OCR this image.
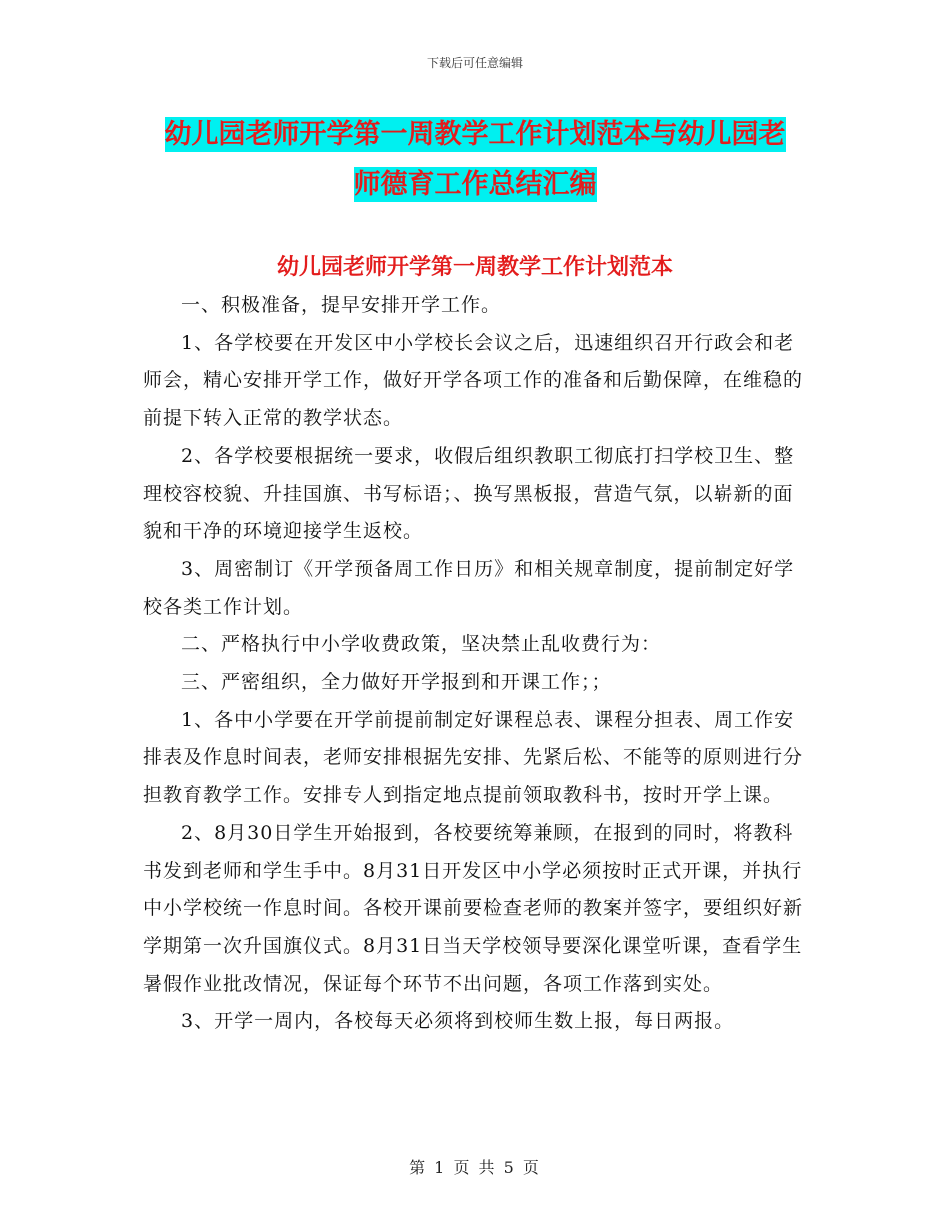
下载后可任意编辑
幼儿园老师开学第一周教学工作计划范本与幼儿园老
师德育工作总结汇编
幼儿园老师开学第一周教学工作计划范本

一、积极准备，提早安排开学工作。

1、各学校要在开发区中小学校长会议之后，迅速组织召开行政会和老师会，精心安排开学工作，做好开学各项工作的准备和后勤保障，在维稳的前提下转入正常的教学状态。

2、各学校要根据统一要求，收假后组织教职工彻底打扫学校卫生、整理校容校貌、升挂国旗、书写标语；、换写黑板报，营造气氛，以崭新的面貌和干净的环境迎接学生返校。

3、周密制订《开学预备周工作日历》和相关规章制度，提前制定好学校各类工作计划。

二、严格执行中小学收费政策，坚决禁止乱收费行为：

三、严密组织，全力做好开学报到和开课工作；；

1、各中小学要在开学前提前制定好课程总表、课程分担表、周工作安排表及作息时间表，老师安排根据先安排、先紧后松、不能等的原则进行分担教育教学工作。安排专人到指定地点提前领取教科书，按时开学上课。

2、8月30日学生开始报到，各校要统筹兼顾，在报到的同时，将教科书发到老师和学生手中。8月31日开发区中小学必须按时正式开课，并执行中小学校统一作息时间。各校开课前要检查老师的教案并签字，要组织好新学期第一次升国旗仪式。8月31日当天学校领导要深化课堂听课，查看学生暑假作业批改情况，保证每个环节不出问题，各项工作落到实处。

3、开学一周内，各校每天必须将到校师生数上报，每日两报。

第 1 页 共 5 页
